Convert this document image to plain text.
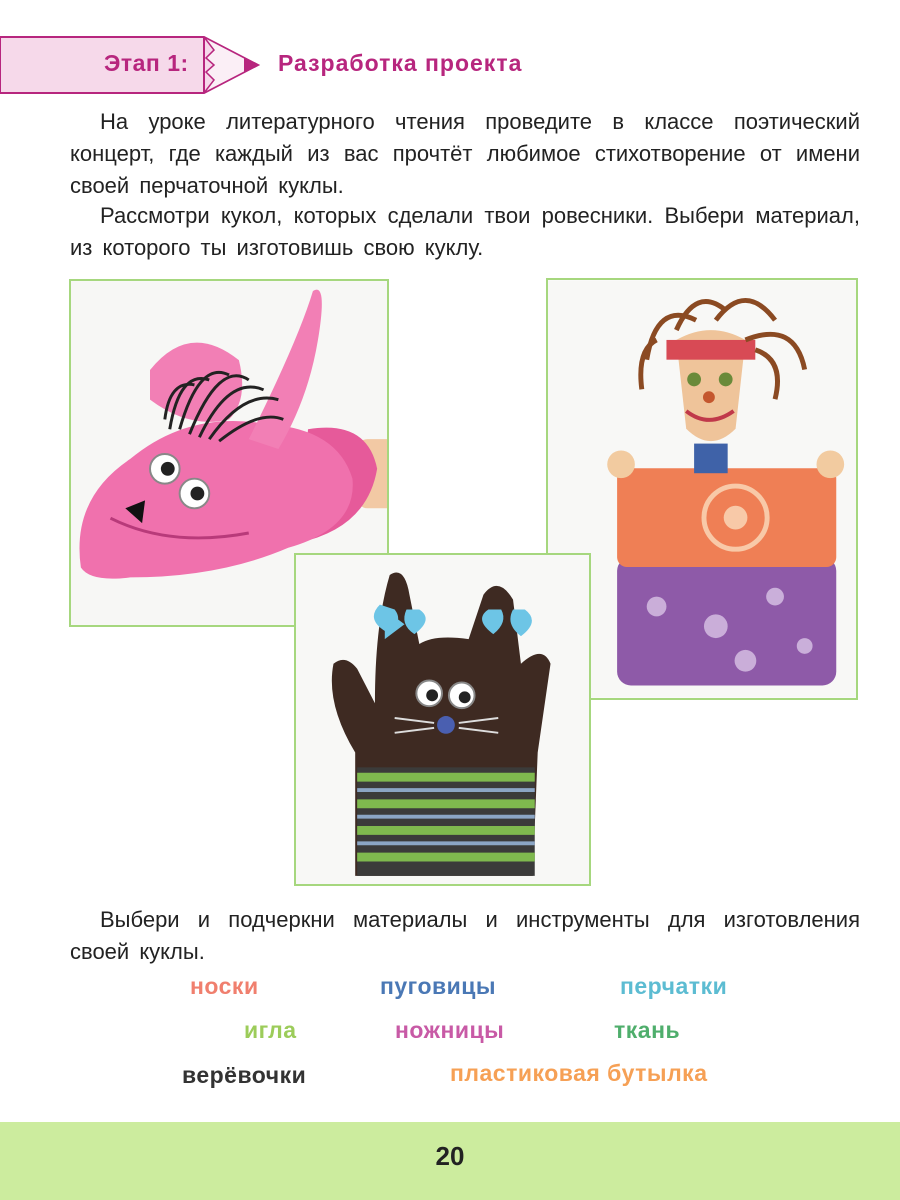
Этап 1:	Разработка проекта

На уроке литературного чтения проведите в классе поэтический концерт, где каждый из вас прочтёт любимое стихотворение от имени своей перчаточной куклы.

Рассмотри кукол, которых сделали твои ровесники. Выбери материал, из которого ты изготовишь свою куклу.

Выбери и подчеркни материалы и инструменты для изготовления своей куклы.

носки	пуговицы	перчатки
игла	ножницы	ткань
верёвочки	пластиковая бутылка
20
